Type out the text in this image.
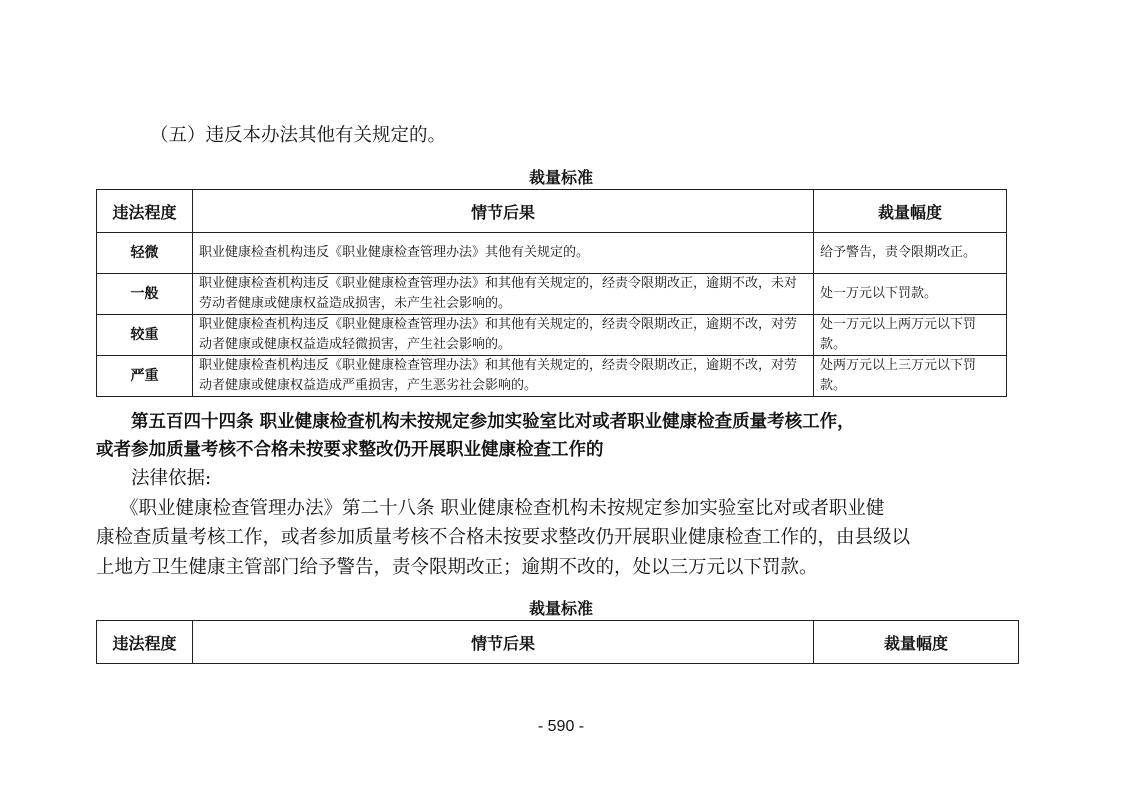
（五）违反本办法其他有关规定的。
裁量标准
违法程度	情节后果	裁量幅度
轻微	职业健康检查机构违反《职业健康检查管理办法》其他有关规定的。	给予警告，责令限期改正。
一般	职业健康检查机构违反《职业健康检查管理办法》和其他有关规定的，经责令限期改正，逾期不改，未对劳动者健康或健康权益造成损害，未产生社会影响的。	处一万元以下罚款。
较重	职业健康检查机构违反《职业健康检查管理办法》和其他有关规定的，经责令限期改正，逾期不改，对劳动者健康或健康权益造成轻微损害，产生社会影响的。	处一万元以上两万元以下罚款。
严重	职业健康检查机构违反《职业健康检查管理办法》和其他有关规定的，经责令限期改正，逾期不改，对劳动者健康或健康权益造成严重损害，产生恶劣社会影响的。	处两万元以上三万元以下罚款。
第五百四十四条 职业健康检查机构未按规定参加实验室比对或者职业健康检查质量考核工作，
或者参加质量考核不合格未按要求整改仍开展职业健康检查工作的
法律依据:
《职业健康检查管理办法》第二十八条 职业健康检查机构未按规定参加实验室比对或者职业健
康检查质量考核工作，或者参加质量考核不合格未按要求整改仍开展职业健康检查工作的，由县级以
上地方卫生健康主管部门给予警告，责令限期改正；逾期不改的，处以三万元以下罚款。
裁量标准
违法程度	情节后果	裁量幅度
- 590 -
